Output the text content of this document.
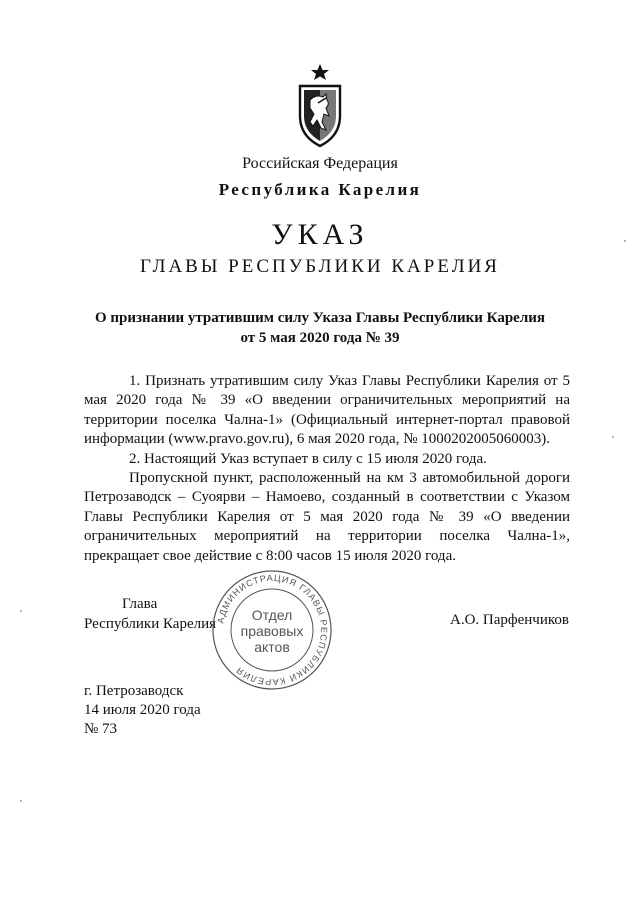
Российская Федерация
Республика Карелия
УКАЗ
ГЛАВЫ РЕСПУБЛИКИ КАРЕЛИЯ
О признании утратившим силу Указа Главы Республики Карелия
от 5 мая 2020 года № 39

1. Признать утратившим силу Указ Главы Республики Карелия от 5 мая 2020 года № 39 «О введении ограничительных мероприятий на территории поселка Чална-1» (Официальный интернет-портал правовой информации (www.pravo.gov.ru), 6 мая 2020 года, № 1000202005060003).

2. Настоящий Указ вступает в силу с 15 июля 2020 года.

Пропускной пункт, расположенный на км 3 автомобильной дороги Петрозаводск – Суоярви – Намоево, созданный в соответствии с Указом Главы Республики Карелия от 5 мая 2020 года № 39 «О введении ограничительных мероприятий на территории поселка Чална-1», прекращает свое действие с 8:00 часов 15 июля 2020 года.

Глава
Республики Карелия	А.О. Парфенчиков
АДМИНИСТРАЦИЯ ГЛАВЫ РЕСПУБЛИКИ КАРЕЛИЯ
Отдел
правовых
актов
г. Петрозаводск
14 июля 2020 года
№ 73
